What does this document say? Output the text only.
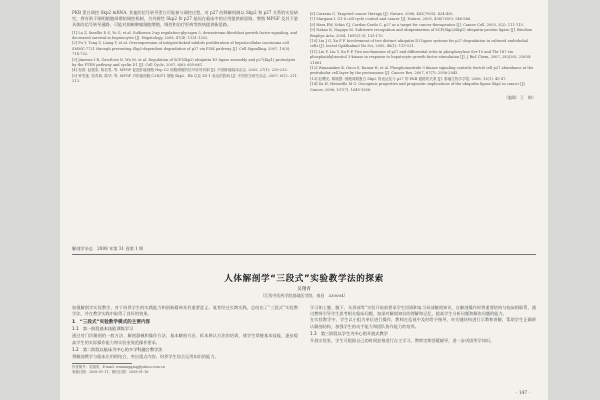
PKB 蛋白调控 Skp2 mRNA, 其他的信号转导蛋白可能参与调控过程。对 p27 的降解机制以 Skp2 和 p27 关系的实验研究，将有助于阐明细胞周期的调控机制，为外源性 Skp2 和 p27 基因在临床中的应用提供新思路。增殖 MPGF 及其下游具体的信号转导通路，可能对抑制肿瘤细胞增殖，调控和治疗肝病等疾病提供新思路。

[1] Lu Z, Smellie D S, Yu G, et al. Sulfurous 2-ap regulation-glycogen 5, downstream fibroblast growth factor signaling, and decreased survival in hepatocytes [J]. Hepatology, 2008, 47(4): 1331-1332.

[2] Fu Y, Tong Z, Liang Y, et al. Overexpression of integrin-linked inhibits proliferation of hepatocellular carcinoma cell SMMC-7721 through preventing Skp2-dependent degradation of p27 via PI3K pathway [J]. Cell Signalling, 2007, 19(5): 714-732.

[3] Jimenez I R, Gavrilova N, Wu M, et al. Regulation of SCF(Skp2) ubiquitin E3 ligase assembly and p27(Kip1) proteolysis by the PTEN pathway and cyclin D1 [J]. Cell Cycle, 2007, 6(6): 655-661.

[4] 倪群, 赵德泰, 陈若男, 等. MPGF 促进肝癌细胞 Hep G2 细胞增殖的信号转导机制 [J]. 中国肿瘤临床杂志, 2005, 27(1): 229-233.

[5] 钟雪莲, 张青林, 陈华, 等. MPGF 对肝癌细胞 C3H/T1 细胞 Skp2、Rb 以及 ZS-1 表达的影响 [J]. 中国医学研究杂志, 2007, 6(1): 211-213.

[6] Carrano C. Targeted cancer therapy [J]. Nature, 2006, 441(7095): 424-430.

[7] Margaux I. G1-S cell cycle control and cancer [J]. Nature, 2005, 436(7050): 546-566.

[8] Hara EW, Schin CJ, Cordon-Cardo C. p27 as a target for cancer therapeutics [J]. Cancer Cell, 2003, 3(2): 111-115.

[9] Nakao K, Nagaya M. Substrate recognition and ubiquitination of SCF(Skp2/Skp1) ubiquitin-protein ligase [J]. Biochim Biophys Acta, 2004, 1695(1-3): 133-170.

[10] Liu J G, Xu F P. Involvement of two distinct ubiquitin E3 ligase systems for p27 degradation in cultured endothelial cells [J]. Invest Ophthalmol Vis Sci, 2005, 46(1): 115-121.

[11] Liu F, Liu Y, Xu P P. Two mechanisms of p27 and differential roles in phosphorylase Ser-10 and Thr 187 via phosphatidylinositol 3-kinase in response to hepatocyte growth factor stimulation [J]. J Biol Chem, 2007, 282(30): 21654-21661.

[12] Wanamaker K, Oncu S, Kumar R, et al. Phosphoinositide-3 kinase signaling controls Sertoli cell p27 abundance at the peritubular cell layer by the proteasome [J]. Cancer Res, 2007, 67(7): 2936-2945.

[13] 赵曙光, 陈刚慧. 细胞周期蛋白 Skp2 的表达及与 p27 的 PKB 通路的关系 [J]. 肿瘤生物学学报, 2006, 13(1): 45-47.

[14] Da H, Hemwille M G. Oncogenic properties and prognostic implications of the ubiquitin ligase Skp2 in cancer [J]. Cancer, 2006, 107(7): 1649-1658.

（编辑：王　梅）

解剖学杂志　2008 年第 31 卷第 1 期

人体解剖学“三段式”实验教学法的探索
吴翔青
（江西中医药学院基础医学院，南昌　330004）

加强解剖学实验教学，对于培养学生的实践能力和创新精神具有重要意义。笔者经过长期实践，总结出了“三段式”实验教学法，并在教学实践中取得了良好的效果。

1　“三段式”实验教学模式的主要内容
1.1　第一阶段基本技能训练学习

通过对门诊解剖的一般方法、解剖器械和操作方法、基本解剖方法、标本辨认方法的培训，使学生掌握基本技能，逐步提高学生的实际操作能力和实验室规范操作要求。

1.2　第二阶段以临床为中心的多学科融合教学法

将解剖教学与临床应用相结合，突出重点内容，培养学生综合运用知识的能力。

作者简介：吴翔青，E-mail: wuxiangqing@yahoo.com.cn
收稿日期：2008-01-11；修回日期：2008-01-16

学习如上腹、腹下、头颈部等“实验开始前要求学生回顾和复习局部解剖知识，在解剖操作时将重要结构与临床相联系，通过教师引导学生思考相关临床问题，加深对解剖知识的理解和记忆，提高学生分析问题和解决问题的能力。

在实验教学中，学生以小组为单位进行操作，教师在巡视中及时给予指导，对关键结构进行示教和讲解，帮助学生正确辨认解剖结构，加强学生的动手能力和团队协作能力的培养。

1.3　第三阶段以学生为中心的开放式教学

开放实验室，学生可根据自己的时间安排进行自主学习，教师定期答疑辅导，进一步巩固所学知识。

· 147 ·
